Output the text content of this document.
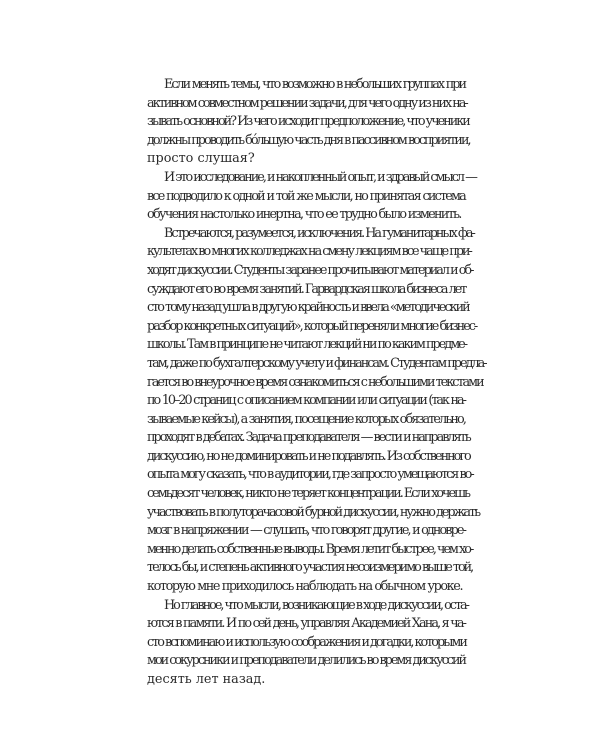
Если менять темы, что возможно в небольших группах при
активном совместном решении задачи, для чего одну из них на-
зывать основной? Из чего исходит предположение, что ученики
должны проводить бóльшую часть дня в пассивном восприятии,
просто слушая?
И это исследование, и накопленный опыт, и здравый смысл —
все подводило к одной и той же мысли, но принятая система
обучения настолько инертна, что ее трудно было изменить.
Встречаются, разумеется, исключения. На гуманитарных фа-
культетах во многих колледжах на смену лекциям все чаще при-
ходят дискуссии. Студенты заранее прочитывают материал и об-
суждают его во время занятий. Гарвардская школа бизнеса лет
сто тому назад ушла в другую крайность и ввела «методический
разбор конкретных ситуаций», который переняли многие бизнес-
школы. Там в принципе не читают лекций ни по каким предме-
там, даже по бухгалтерскому учету и финансам. Студентам предла-
гается во внеурочное время ознакомиться с небольшими текстами
по 10–20 страниц с описанием компании или ситуации (так на-
зываемые кейсы), а занятия, посещение которых обязательно,
проходят в дебатах. Задача преподавателя — вести и направлять
дискуссию, но не доминировать и не подавлять. Из собственного
опыта могу сказать, что в аудитории, где запросто умещаются во-
семьдесят человек, никто не теряет концентрации. Если хочешь
участвовать в полуторачасовой бурной дискуссии, нужно держать
мозг в напряжении — слушать, что говорят другие, и одновре-
менно делать собственные выводы. Время летит быстрее, чем хо-
телось бы, и степень активного участия несоизмеримо выше той,
которую мне приходилось наблюдать на обычном уроке.
Но главное, что мысли, возникающие в ходе дискуссии, оста-
ются в памяти. И по сей день, управляя Академией Хана, я ча-
сто вспоминаю и использую соображения и догадки, которыми
мои сокурсники и преподаватели делились во время дискуссий
десять лет назад.
